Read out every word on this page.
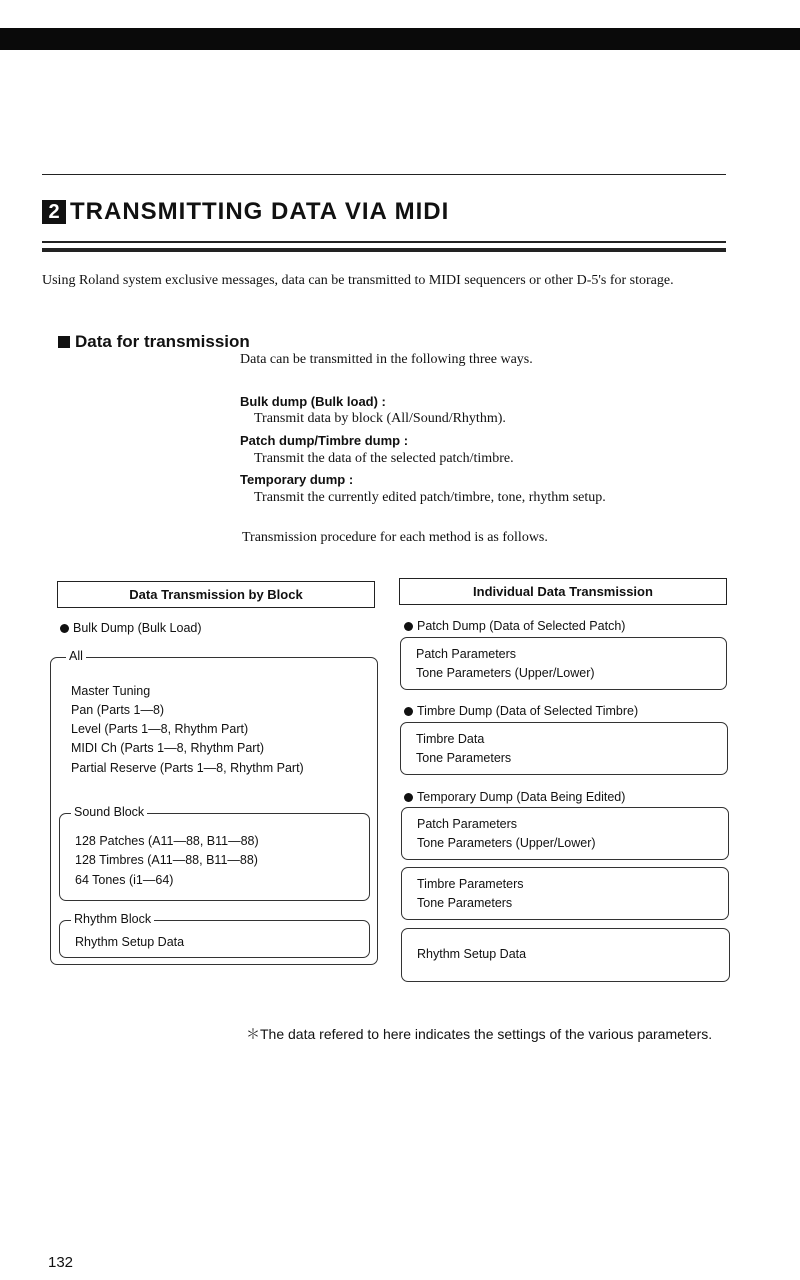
2 TRANSMITTING DATA VIA MIDI
Using Roland system exclusive messages, data can be transmitted to MIDI sequencers or other D-5's for storage.
Data for transmission
Data can be transmitted in the following three ways.
Bulk dump (Bulk load) :
Transmit data by block (All/Sound/Rhythm).
Patch dump/Timbre dump :
Transmit the data of the selected patch/timbre.
Temporary dump :
Transmit the currently edited patch/timbre, tone, rhythm setup.
Transmission procedure for each method is as follows.
Data Transmission by Block
Bulk Dump (Bulk Load)
All
Master Tuning
Pan (Parts 1—8)
Level (Parts 1—8, Rhythm Part)
MIDI Ch (Parts 1—8, Rhythm Part)
Partial Reserve (Parts 1—8, Rhythm Part)
Sound Block
128 Patches (A11—88, B11—88)
128 Timbres (A11—88, B11—88)
64 Tones (i1—64)
Rhythm Block
Rhythm Setup Data
Individual Data Transmission
Patch Dump (Data of Selected Patch)
Patch Parameters
Tone Parameters (Upper/Lower)
Timbre Dump (Data of Selected Timbre)
Timbre Data
Tone Parameters
Temporary Dump (Data Being Edited)
Patch Parameters
Tone Parameters (Upper/Lower)
Timbre Parameters
Tone Parameters
Rhythm Setup Data
＊The data refered to here indicates the settings of the various parameters.
132
